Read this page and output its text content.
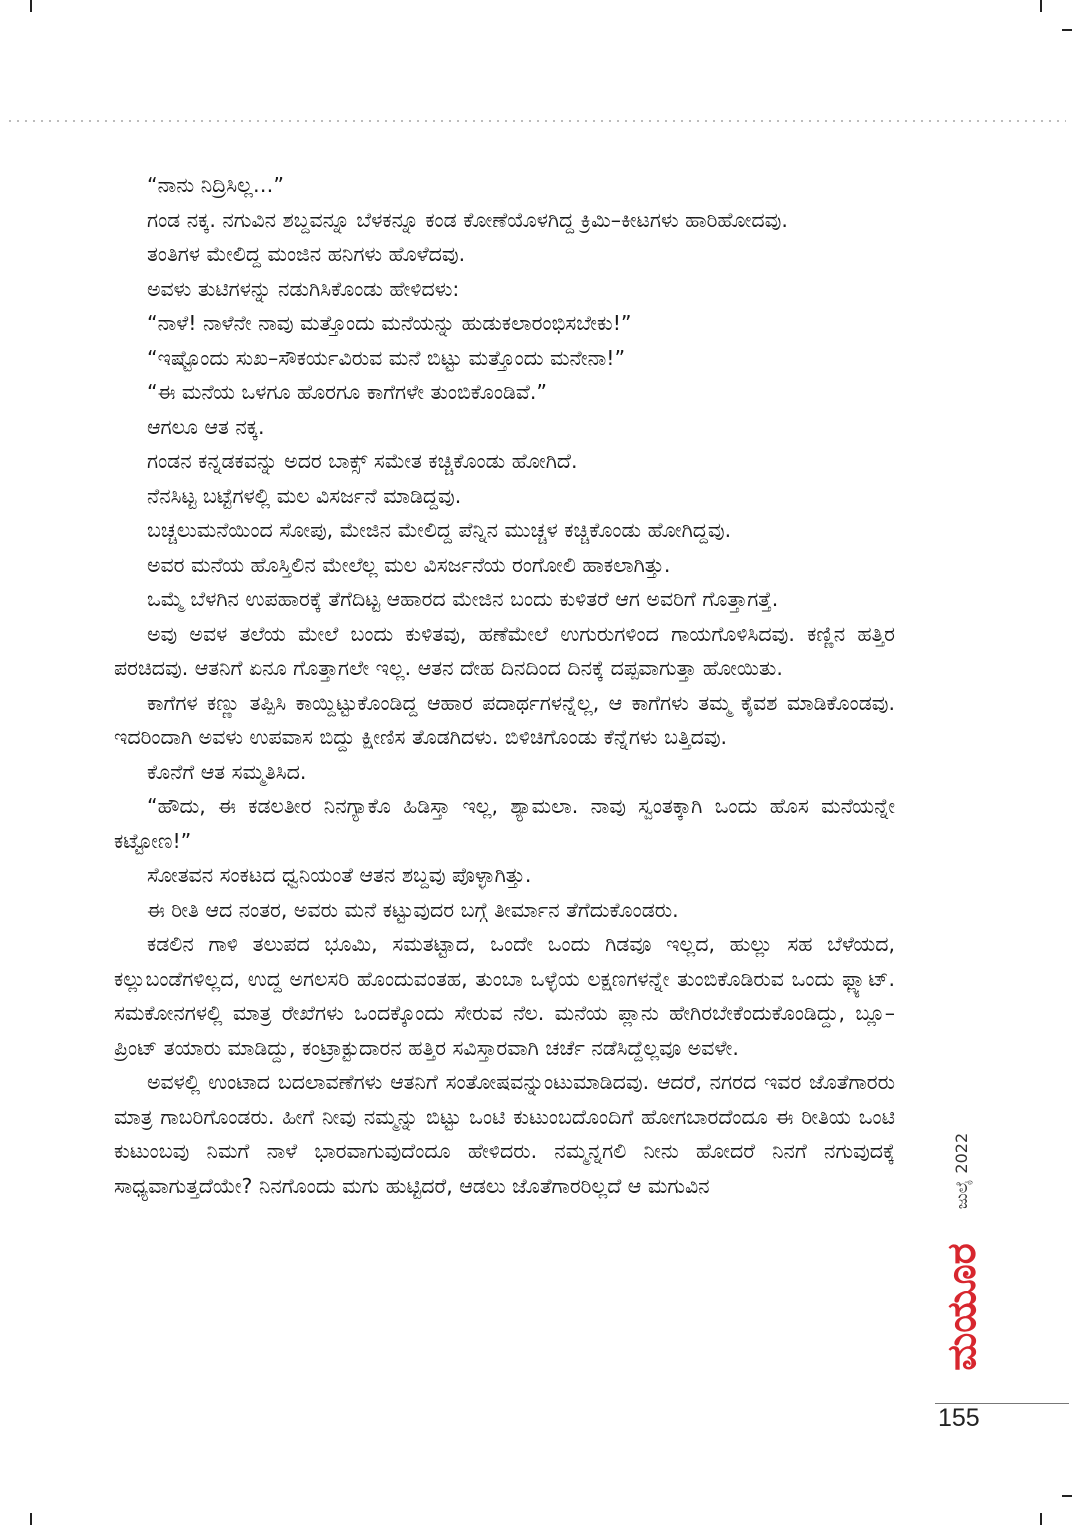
“ನಾನು ನಿದ್ರಿಸಿಲ್ಲ…”

ಗಂಡ ನಕ್ಕ. ನಗುವಿನ ಶಬ್ದವನ್ನೂ ಬೆಳಕನ್ನೂ ಕಂಡ ಕೋಣೆಯೊಳಗಿದ್ದ ಕ್ರಿಮಿ–ಕೀಟಗಳು ಹಾರಿಹೋದವು.

ತಂತಿಗಳ ಮೇಲಿದ್ದ ಮಂಜಿನ ಹನಿಗಳು ಹೊಳೆದವು.

ಅವಳು ತುಟಿಗಳನ್ನು ನಡುಗಿಸಿಕೊಂಡು ಹೇಳಿದಳು:

“ನಾಳೆ! ನಾಳೆನೇ ನಾವು ಮತ್ತೊಂದು ಮನೆಯನ್ನು ಹುಡುಕಲಾರಂಭಿಸಬೇಕು!”

“ಇಷ್ಟೊಂದು ಸುಖ–ಸೌಕರ್ಯವಿರುವ ಮನೆ ಬಿಟ್ಟು ಮತ್ತೊಂದು ಮನೇನಾ!”

“ಈ ಮನೆಯ ಒಳಗೂ ಹೊರಗೂ ಕಾಗೆಗಳೇ ತುಂಬಿಕೊಂಡಿವೆ.”

ಆಗಲೂ ಆತ ನಕ್ಕ.

ಗಂಡನ ಕನ್ನಡಕವನ್ನು ಅದರ ಬಾಕ್ಸ್ ಸಮೇತ ಕಚ್ಚಿಕೊಂಡು ಹೋಗಿದೆ.

ನೆನಸಿಟ್ಟ ಬಟ್ಟೆಗಳಲ್ಲಿ ಮಲ ವಿಸರ್ಜನೆ ಮಾಡಿದ್ದವು.

ಬಚ್ಚಲುಮನೆಯಿಂದ ಸೋಪು, ಮೇಜಿನ ಮೇಲಿದ್ದ ಪೆನ್ನಿನ ಮುಚ್ಚಳ ಕಚ್ಚಿಕೊಂಡು ಹೋಗಿದ್ದವು.

ಅವರ ಮನೆಯ ಹೊಸ್ತಿಲಿನ ಮೇಲೆಲ್ಲ ಮಲ ವಿಸರ್ಜನೆಯ ರಂಗೋಲಿ ಹಾಕಲಾಗಿತ್ತು.

ಒಮ್ಮೆ ಬೆಳಗಿನ ಉಪಹಾರಕ್ಕೆ ತೆಗೆದಿಟ್ಟ ಆಹಾರದ ಮೇಜಿನ ಬಂದು ಕುಳಿತರೆ ಆಗ ಅವರಿಗೆ ಗೊತ್ತಾಗತ್ತೆ.

ಅವು ಅವಳ ತಲೆಯ ಮೇಲೆ ಬಂದು ಕುಳಿತವು, ಹಣೆಮೇಲೆ ಉಗುರುಗಳಿಂದ ಗಾಯಗೊಳಿಸಿದವು. ಕಣ್ಣಿನ ಹತ್ತಿರ ಪರಚಿದವು. ಆತನಿಗೆ ಏನೂ ಗೊತ್ತಾಗಲೇ ಇಲ್ಲ. ಆತನ ದೇಹ ದಿನದಿಂದ ದಿನಕ್ಕೆ ದಪ್ಪವಾಗುತ್ತಾ ಹೋಯಿತು.

ಕಾಗೆಗಳ ಕಣ್ಣು ತಪ್ಪಿಸಿ ಕಾಯ್ದಿಟ್ಟುಕೊಂಡಿದ್ದ ಆಹಾರ ಪದಾರ್ಥಗಳನ್ನೆಲ್ಲ, ಆ ಕಾಗೆಗಳು ತಮ್ಮ ಕೈವಶ ಮಾಡಿಕೊಂಡವು. ಇದರಿಂದಾಗಿ ಅವಳು ಉಪವಾಸ ಬಿದ್ದು ಕ್ಷೀಣಿಸ ತೊಡಗಿದಳು. ಬಿಳಿಚಿಗೊಂಡು ಕೆನ್ನೆಗಳು ಬತ್ತಿದವು.

ಕೊನೆಗೆ ಆತ ಸಮ್ಮತಿಸಿದ.

“ಹೌದು, ಈ ಕಡಲತೀರ ನಿನಗ್ಯಾಕೊ ಹಿಡಿಸ್ತಾ ಇಲ್ಲ, ಶ್ಯಾಮಲಾ. ನಾವು ಸ್ವಂತಕ್ಕಾಗಿ ಒಂದು ಹೊಸ ಮನೆಯನ್ನೇ ಕಟ್ಟೋಣ!”

ಸೋತವನ ಸಂಕಟದ ಧ್ವನಿಯಂತೆ ಆತನ ಶಬ್ದವು ಪೊಳ್ಳಾಗಿತ್ತು.

ಈ ರೀತಿ ಆದ ನಂತರ, ಅವರು ಮನೆ ಕಟ್ಟುವುದರ ಬಗ್ಗೆ ತೀರ್ಮಾನ ತೆಗೆದುಕೊಂಡರು.

ಕಡಲಿನ ಗಾಳಿ ತಲುಪದ ಭೂಮಿ, ಸಮತಟ್ಟಾದ, ಒಂದೇ ಒಂದು ಗಿಡವೂ ಇಲ್ಲದ, ಹುಲ್ಲು ಸಹ ಬೆಳೆಯದ, ಕಲ್ಲುಬಂಡೆಗಳಿಲ್ಲದ, ಉದ್ದ ಅಗಲಸರಿ ಹೊಂದುವಂತಹ, ತುಂಬಾ ಒಳ್ಳೆಯ ಲಕ್ಷಣಗಳನ್ನೇ ತುಂಬಿಕೊಡಿರುವ ಒಂದು ಫ್ಲ್ಯಾಟ್. ಸಮಕೋನಗಳಲ್ಲಿ ಮಾತ್ರ ರೇಖೆಗಳು ಒಂದಕ್ಕೊಂದು ಸೇರುವ ನೆಲ. ಮನೆಯ ಪ್ಲಾನು ಹೇಗಿರಬೇಕೆಂದುಕೊಂಡಿದ್ದು, ಬ್ಲೂ–ಪ್ರಿಂಟ್ ತಯಾರು ಮಾಡಿದ್ದು, ಕಂಟ್ರಾಕ್ಟುದಾರನ ಹತ್ತಿರ ಸವಿಸ್ತಾರವಾಗಿ ಚರ್ಚೆ ನಡೆಸಿದ್ದೆಲ್ಲವೂ ಅವಳೇ.

ಅವಳಲ್ಲಿ ಉಂಟಾದ ಬದಲಾವಣೆಗಳು ಆತನಿಗೆ ಸಂತೋಷವನ್ನುಂಟುಮಾಡಿದವು. ಆದರೆ, ನಗರದ ಇವರ ಜೊತೆಗಾರರು ಮಾತ್ರ ಗಾಬರಿಗೊಂಡರು. ಹೀಗೆ ನೀವು ನಮ್ಮನ್ನು ಬಿಟ್ಟು ಒಂಟಿ ಕುಟುಂಬದೊಂದಿಗೆ ಹೋಗಬಾರದೆಂದೂ ಈ ರೀತಿಯ ಒಂಟಿ ಕುಟುಂಬವು ನಿಮಗೆ ನಾಳೆ ಭಾರವಾಗುವುದೆಂದೂ ಹೇಳಿದರು. ನಮ್ಮನ್ನಗಲಿ ನೀನು ಹೋದರೆ ನಿನಗೆ ನಗುವುದಕ್ಕೆ ಸಾಧ್ಯವಾಗುತ್ತದೆಯೇ? ನಿನಗೊಂದು ಮಗು ಹುಟ್ಟಿದರೆ, ಆಡಲು ಜೊತೆಗಾರರಿಲ್ಲದೆ ಆ ಮಗುವಿನ	ಜುಲೈ2022
ಮಯೂರ
155
